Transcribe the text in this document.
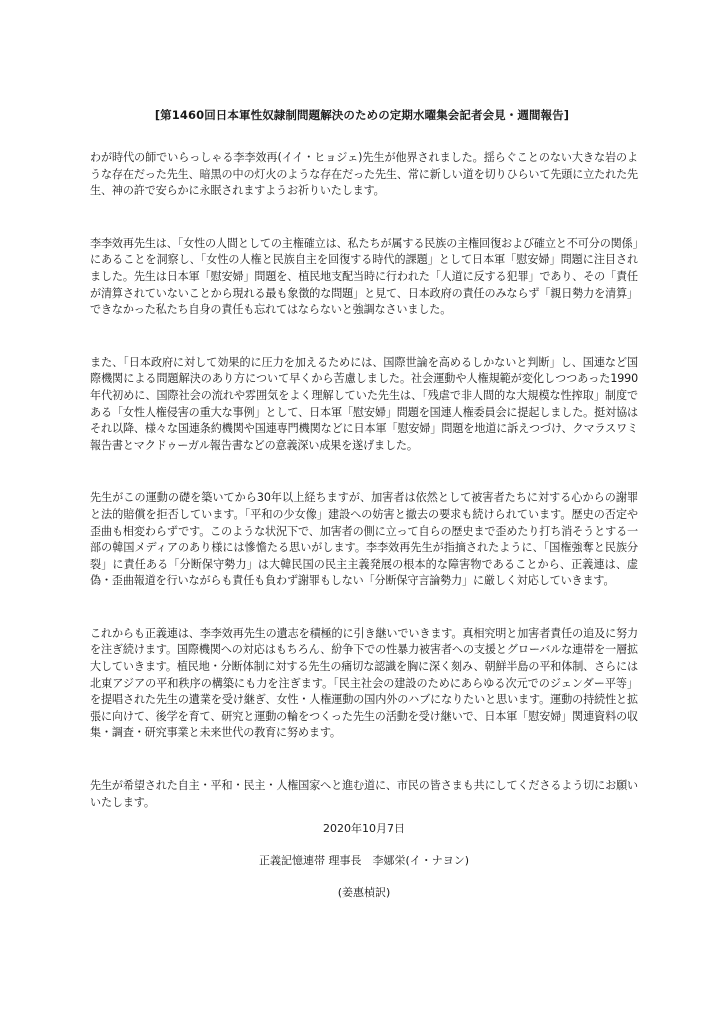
[第1460回日本軍性奴隷制問題解決のための定期水曜集会記者会見・週間報告]

わが時代の師でいらっしゃる李李效再(イイ・ヒョジェ)先生が他界されました。揺らぐことのない大きな岩のような存在だった先生、暗黒の中の灯火のような存在だった先生、常に新しい道を切りひらいて先頭に立たれた先生、神の許で安らかに永眠されますようお祈りいたします。

李李效再先生は、「女性の人間としての主権確立は、私たちが属する民族の主権回復および確立と不可分の関係」にあることを洞察し、「女性の人権と民族自主を回復する時代的課題」として日本軍「慰安婦」問題に注目されました。先生は日本軍「慰安婦」問題を、植民地支配当時に行われた「人道に反する犯罪」であり、その「責任が清算されていないことから現れる最も象徴的な問題」と見て、日本政府の責任のみならず「親日勢力を清算」できなかった私たち自身の責任も忘れてはならないと強調なさいました。

また、「日本政府に対して効果的に圧力を加えるためには、国際世論を高めるしかないと判断」し、国連など国際機関による問題解決のあり方について早くから苦慮しました。社会運動や人権規範が変化しつつあった1990年代初めに、国際社会の流れや雰囲気をよく理解していた先生は、「残虐で非人間的な大規模な性搾取」制度である「女性人権侵害の重大な事例」として、日本軍「慰安婦」問題を国連人権委員会に提起しました。挺対協はそれ以降、様々な国連条約機関や国連専門機関などに日本軍「慰安婦」問題を地道に訴えつづけ、クマラスワミ報告書とマクドゥーガル報告書などの意義深い成果を遂げました。

先生がこの運動の礎を築いてから30年以上経ちますが、加害者は依然として被害者たちに対する心からの謝罪と法的賠償を拒否しています。「平和の少女像」建設への妨害と撤去の要求も続けられています。歴史の否定や歪曲も相変わらずです。このような状況下で、加害者の側に立って自らの歴史まで歪めたり打ち消そうとする一部の韓国メディアのあり様には慘憺たる思いがします。李李效再先生が指摘されたように、「国権強奪と民族分裂」に責任ある「分断保守勢力」は大韓民国の民主主義発展の根本的な障害物であることから、正義連は、虚偽・歪曲報道を行いながらも責任も負わず謝罪もしない「分断保守言論勢力」に厳しく対応していきます。

これからも正義連は、李李效再先生の遺志を積極的に引き継いでいきます。真相究明と加害者責任の追及に努力を注ぎ続けます。国際機関への対応はもちろん、紛争下での性暴力被害者への支援とグローバルな連帯を一層拡大していきます。植民地・分断体制に対する先生の痛切な認識を胸に深く刻み、朝鮮半島の平和体制、さらには北東アジアの平和秩序の構築にも力を注ぎます。「民主社会の建設のためにあらゆる次元でのジェンダー平等」を提唱された先生の遺業を受け継ぎ、女性・人権運動の国内外のハブになりたいと思います。運動の持続性と拡張に向けて、後学を育て、研究と運動の輪をつくった先生の活動を受け継いで、日本軍「慰安婦」関連資料の収集・調査・研究事業と未来世代の教育に努めます。

先生が希望された自主・平和・民主・人権国家へと進む道に、市民の皆さまも共にしてくださるよう切にお願いいたします。

2020年10月7日
正義記憶連帯 理事長　李娜栄(イ・ナヨン)
(姜惠楨訳)
